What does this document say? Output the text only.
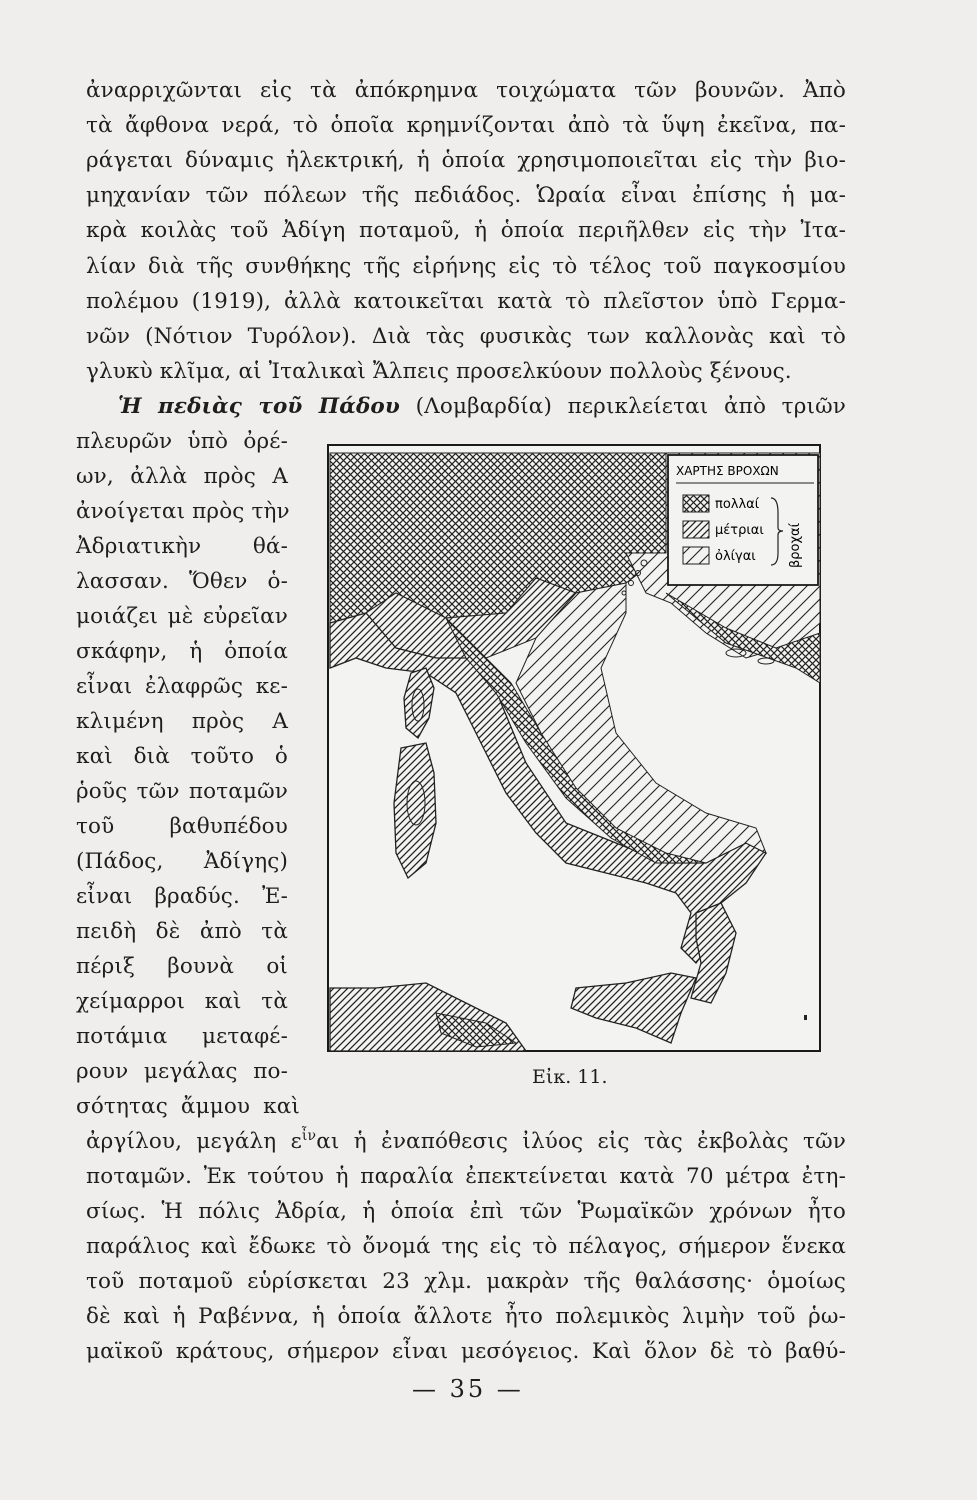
ἀναρριχῶνται εἰς τὰ ἀπόκρημνα τοιχώματα τῶν βουνῶν. Ἀπὸ
τὰ ἄφθονα νερά, τὸ ὁποῖα κρημνίζονται ἀπὸ τὰ ὕψη ἐκεῖνα, πα-
ράγεται δύναμις ἠλεκτρική, ἡ ὁποία χρησιμοποιεῖται εἰς τὴν βιο-
μηχανίαν τῶν πόλεων τῆς πεδιάδος. Ὡραία εἶναι ἐπίσης ἡ μα-
κρὰ κοιλὰς τοῦ Ἀδίγη ποταμοῦ, ἡ ὁποία περιῆλθεν εἰς τὴν Ἰτα-
λίαν διὰ τῆς συνθήκης τῆς εἰρήνης εἰς τὸ τέλος τοῦ παγκοσμίου
πολέμου (1919), ἀλλὰ κατοικεῖται κατὰ τὸ πλεῖστον ὑπὸ Γερμα-
νῶν (Νότιον Τυρόλον). Διὰ τὰς φυσικὰς των καλλονὰς καὶ τὸ
γλυκὺ κλῖμα, αἱ Ἰταλικαὶ Ἄλπεις προσελκύουν πολλοὺς ξένους.
Ἡ πεδιὰς τοῦ Πάδου (Λομβαρδία) περικλείεται ἀπὸ τριῶν
πλευρῶν ὑπὸ ὀρέ-
ων, ἀλλὰ πρὸς Α
ἀνοίγεται πρὸς τὴν
Ἀδριατικὴν θά-
λασσαν. Ὅθεν ὁ-
μοιάζει μὲ εὐρεῖαν
σκάφην, ἡ ὁποία
εἶναι ἐλαφρῶς κε-
κλιμένη πρὸς Α
καὶ διὰ τοῦτο ὁ
ῥοῦς τῶν ποταμῶν
τοῦ βαθυπέδου
(Πάδος, Ἀδίγης)
εἶναι βραδύς. Ἐ-
πειδὴ δὲ ἀπὸ τὰ
πέριξ βουνὰ οἱ
χείμαρροι καὶ τὰ
ποτάμια μεταφέ-
ρουν μεγάλας πο-
σότητας ἄμμου καὶ
ἀργίλου, μεγάλη $\varepsilon^{ἶ\nu}\alpha\iota$ ἡ ἐναπόθεσις ἰλύος εἰς τὰς ἐκβολὰς τῶν
ποταμῶν. Ἐκ τούτου ἡ παραλία ἐπεκτείνεται κατὰ 70 μέτρα ἐτη-
σίως. Ἡ πόλις Ἀδρία, ἡ ὁποία ἐπὶ τῶν Ῥωμαϊκῶν χρόνων ἦτο
παράλιος καὶ ἔδωκε τὸ ὄνομά της εἰς τὸ πέλαγος, σήμερον ἕνεκα
τοῦ ποταμοῦ εὑρίσκεται 23 χλμ. μακρὰν τῆς θαλάσσης· ὁμοίως
δὲ καὶ ἡ Ραβέννα, ἡ ὁποία ἄλλοτε ἦτο πολεμικὸς λιμὴν τοῦ ῥω-
μαϊκοῦ κράτους, σήμερον εἶναι μεσόγειος. Καὶ ὅλον δὲ τὸ βαθύ-
ΧΑΡΤΗΣ ΒΡΟΧΩΝ
πολλαί
μέτριαι
ὀλίγαι βροχαί
Εἰκ. 11.
— 35 —
